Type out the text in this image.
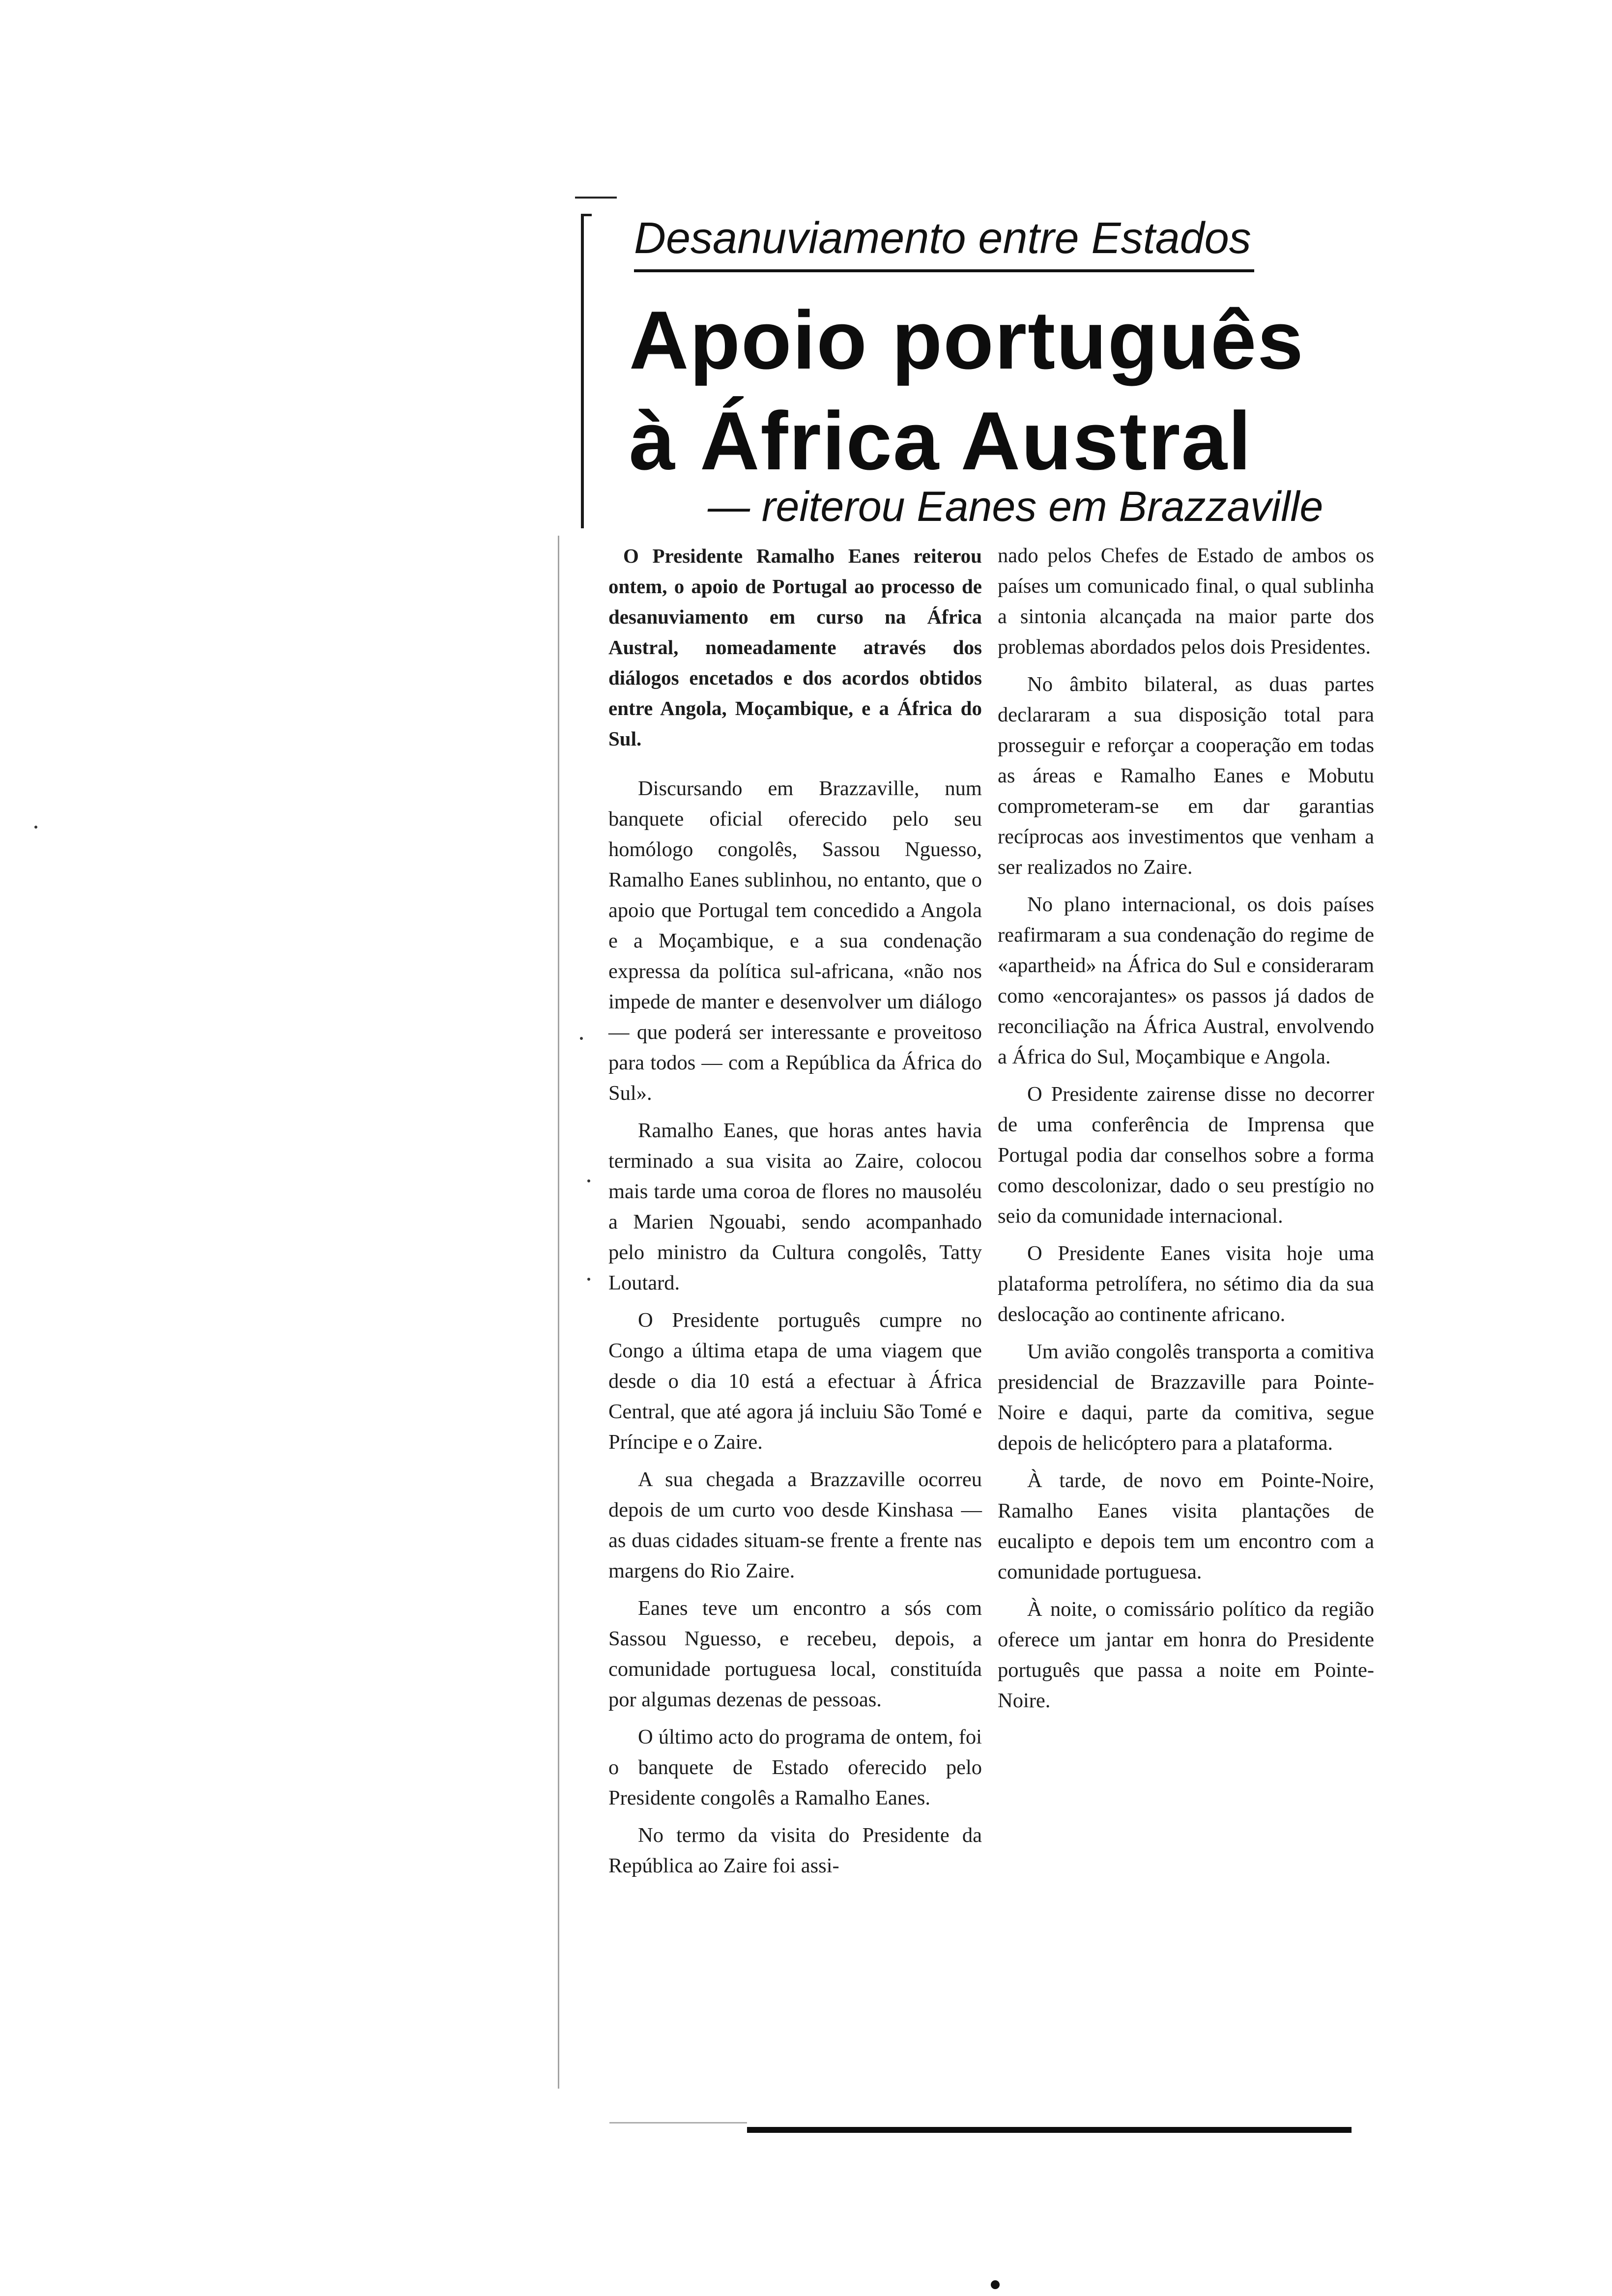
Desanuviamento entre Estados
Apoio português
à África Austral
— reiterou Eanes em Brazzaville

O Presidente Ramalho Eanes reiterou ontem, o apoio de Portugal ao processo de desanuviamento em curso na África Austral, nomeadamente através dos diálogos encetados e dos acordos obtidos entre Angola, Moçambique, e a África do Sul.

Discursando em Brazzaville, num banquete oficial oferecido pelo seu homólogo congolês, Sassou Nguesso, Ramalho Eanes sublinhou, no entanto, que o apoio que Portugal tem concedido a Angola e a Moçambique, e a sua condenação expressa da política sul-africana, «não nos impede de manter e desenvolver um diálogo — que poderá ser interessante e proveitoso para todos — com a República da África do Sul».

Ramalho Eanes, que horas antes havia terminado a sua visita ao Zaire, colocou mais tarde uma coroa de flores no mausoléu a Marien Ngouabi, sendo acompanhado pelo ministro da Cultura congolês, Tatty Loutard.

O Presidente português cumpre no Congo a última etapa de uma viagem que desde o dia 10 está a efectuar à África Central, que até agora já incluiu São Tomé e Príncipe e o Zaire.

A sua chegada a Brazzaville ocorreu depois de um curto voo desde Kinshasa — as duas cidades situam-se frente a frente nas margens do Rio Zaire.

Eanes teve um encontro a sós com Sassou Nguesso, e recebeu, depois, a comunidade portuguesa local, constituída por algumas dezenas de pessoas.

O último acto do programa de ontem, foi o banquete de Estado oferecido pelo Presidente congolês a Ramalho Eanes.

No termo da visita do Presidente da República ao Zaire foi assi-

nado pelos Chefes de Estado de ambos os países um comunicado final, o qual sublinha a sintonia alcançada na maior parte dos problemas abordados pelos dois Presidentes.

No âmbito bilateral, as duas partes declararam a sua disposição total para prosseguir e reforçar a cooperação em todas as áreas e Ramalho Eanes e Mobutu comprometeram-se em dar garantias recíprocas aos investimentos que venham a ser realizados no Zaire.

No plano internacional, os dois países reafirmaram a sua condenação do regime de «apartheid» na África do Sul e consideraram como «encorajantes» os passos já dados de reconciliação na África Austral, envolvendo a África do Sul, Moçambique e Angola.

O Presidente zairense disse no decorrer de uma conferência de Imprensa que Portugal podia dar conselhos sobre a forma como descolonizar, dado o seu prestígio no seio da comunidade internacional.

O Presidente Eanes visita hoje uma plataforma petrolífera, no sétimo dia da sua deslocação ao continente africano.

Um avião congolês transporta a comitiva presidencial de Brazzaville para Pointe-Noire e daqui, parte da comitiva, segue depois de helicóptero para a plataforma.

À tarde, de novo em Pointe-Noire, Ramalho Eanes visita plantações de eucalipto e depois tem um encontro com a comunidade portuguesa.

À noite, o comissário político da região oferece um jantar em honra do Presidente português que passa a noite em Pointe-Noire.
